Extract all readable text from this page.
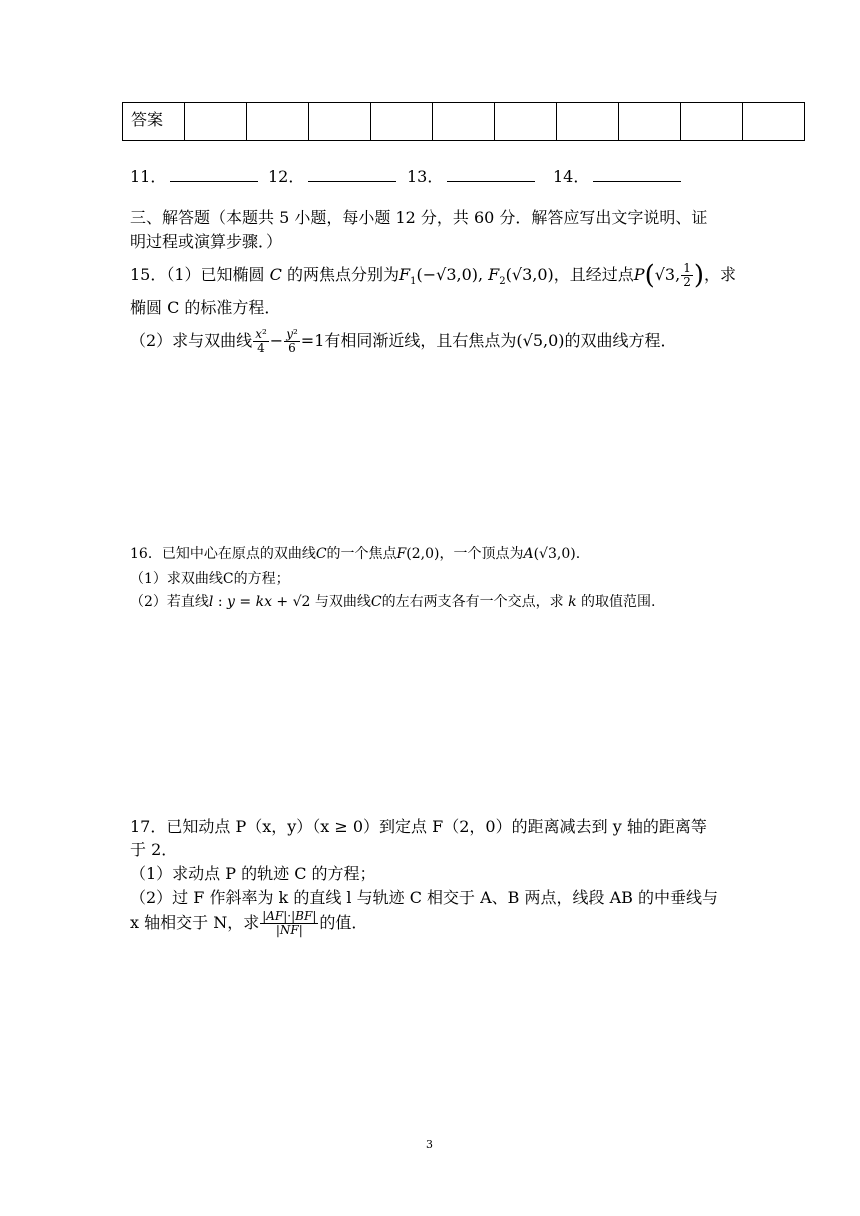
答案										
11．	12．	13．	14．
三、解答题（本题共 5 小题，每小题 12 分，共 60 分．解答应写出文字说明、证
明过程或演算步骤．）
15．（1）已知椭圆 C 的两焦点分别为$F_1(-√3,0)$, $F_2(√3,0)$，且经过点P(√3, $\frac{1}{2}$ )，求
椭圆 C 的标准方程．
（2）求与双曲线 $\frac{\text{x²}}{4} - \frac{\text{y²}}{6} =1$有相同渐近线，且右焦点为(√5,0)的双曲线方程．
16．已知中心在原点的双曲线C的一个焦点F(2,0)，一个顶点为A(√3,0).
（1）求双曲线C的方程；
（2）若直线l : y = kx + √2 与双曲线C的左右两支各有一个交点，求 k 的取值范围.
17．已知动点 P（x，y）（x ≥ 0）到定点 F（2，0）的距离减去到 y 轴的距离等
于 2．
（1）求动点 P 的轨迹 C 的方程；
（2）过 F 作斜率为 k 的直线 l 与轨迹 C 相交于 A、B 两点，线段 AB 的中垂线与
x 轴相交于 N，求 $\frac{|AF|\cdot|BF|}{|NF|}$ 的值．
3
